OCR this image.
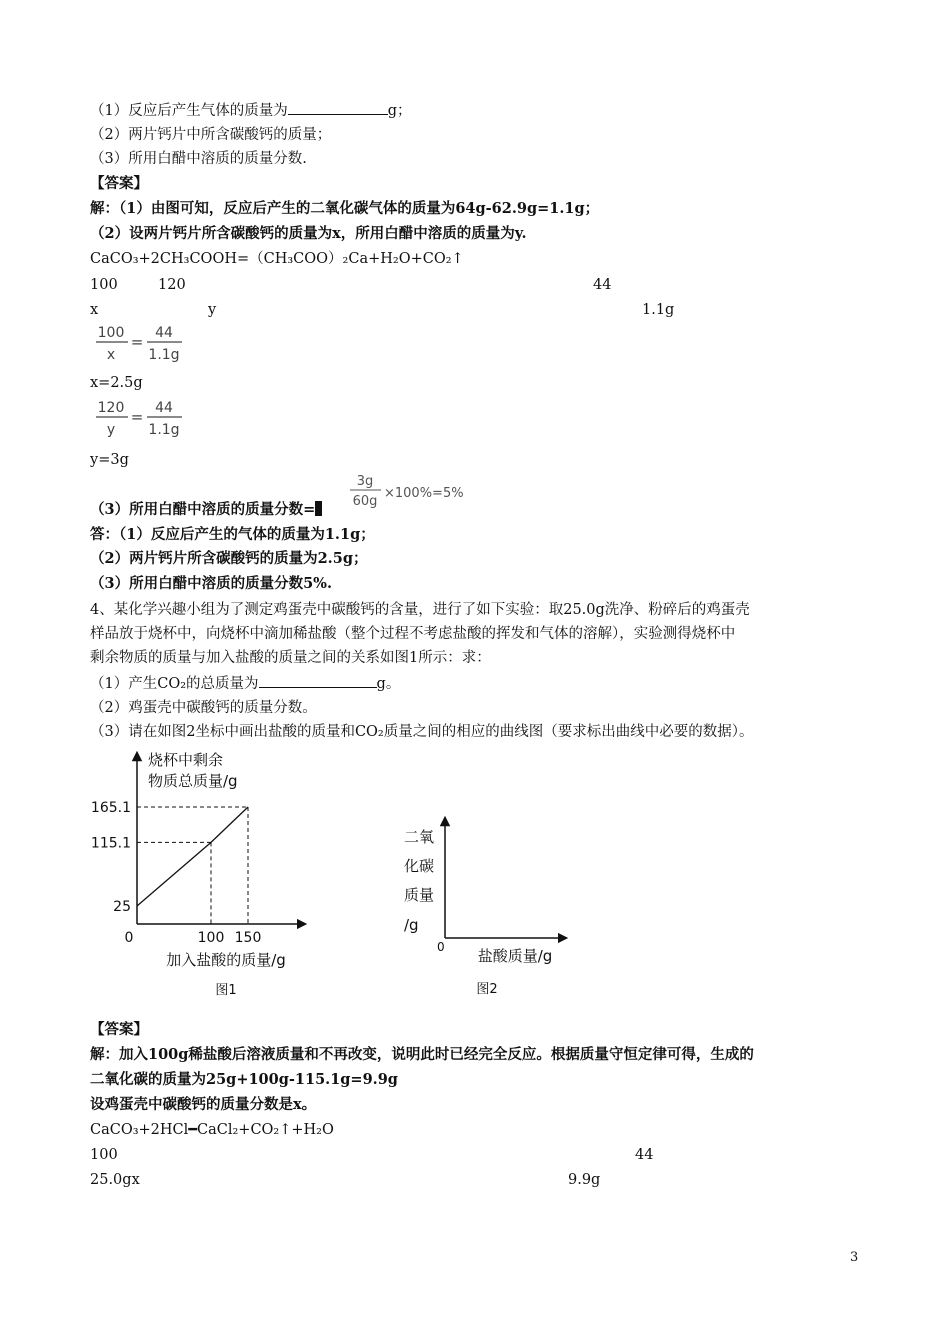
（1）反应后产生气体的质量为	g；
（2）两片钙片中所含碳酸钙的质量；
（3）所用白醋中溶质的质量分数.
【答案】
解：（1）由图可知，反应后产生的二氧化碳气体的质量为64g-62.9g=1.1g；
（2）设两片钙片所含碳酸钙的质量为x，所用白醋中溶质的质量为y.
CaCO₃+2CH₃COOH=（CH₃COO）₂Ca+H₂O+CO₂↑
100	120	44
x	y	1.1g
100
x
= 44
1.1g
x=2.5g
120
y
= 44
1.1g
y=3g
（3）所用白醋中溶质的质量分数=
3g
60g
×100%=5%
答：（1）反应后产生的气体的质量为1.1g；
（2）两片钙片所含碳酸钙的质量为2.5g；
（3）所用白醋中溶质的质量分数5%.
4、某化学兴趣小组为了测定鸡蛋壳中碳酸钙的含量，进行了如下实验：取25.0g洗净、粉碎后的鸡蛋壳
样品放于烧杯中，向烧杯中滴加稀盐酸（整个过程不考虑盐酸的挥发和气体的溶解），实验测得烧杯中
剩余物质的质量与加入盐酸的质量之间的关系如图1所示：求：
（1）产生CO₂的总质量为	g。
（2）鸡蛋壳中碳酸钙的质量分数。
（3）请在如图2坐标中画出盐酸的质量和CO₂质量之间的相应的曲线图（要求标出曲线中必要的数据）。
烧杯中剩余
物质总质量/g
25
115.1
165.1
0	100 150
加入盐酸的质量/g
图1
二氧
化碳
质量
/g
0 盐酸质量/g
图2
【答案】
解：加入100g稀盐酸后溶液质量和不再改变，说明此时已经完全反应。根据质量守恒定律可得，生成的
二氧化碳的质量为25g+100g-115.1g=9.9g
设鸡蛋壳中碳酸钙的质量分数是x。
CaCO₃+2HCl━CaCl₂+CO₂↑+H₂O
100	44
25.0gx	9.9g
3
